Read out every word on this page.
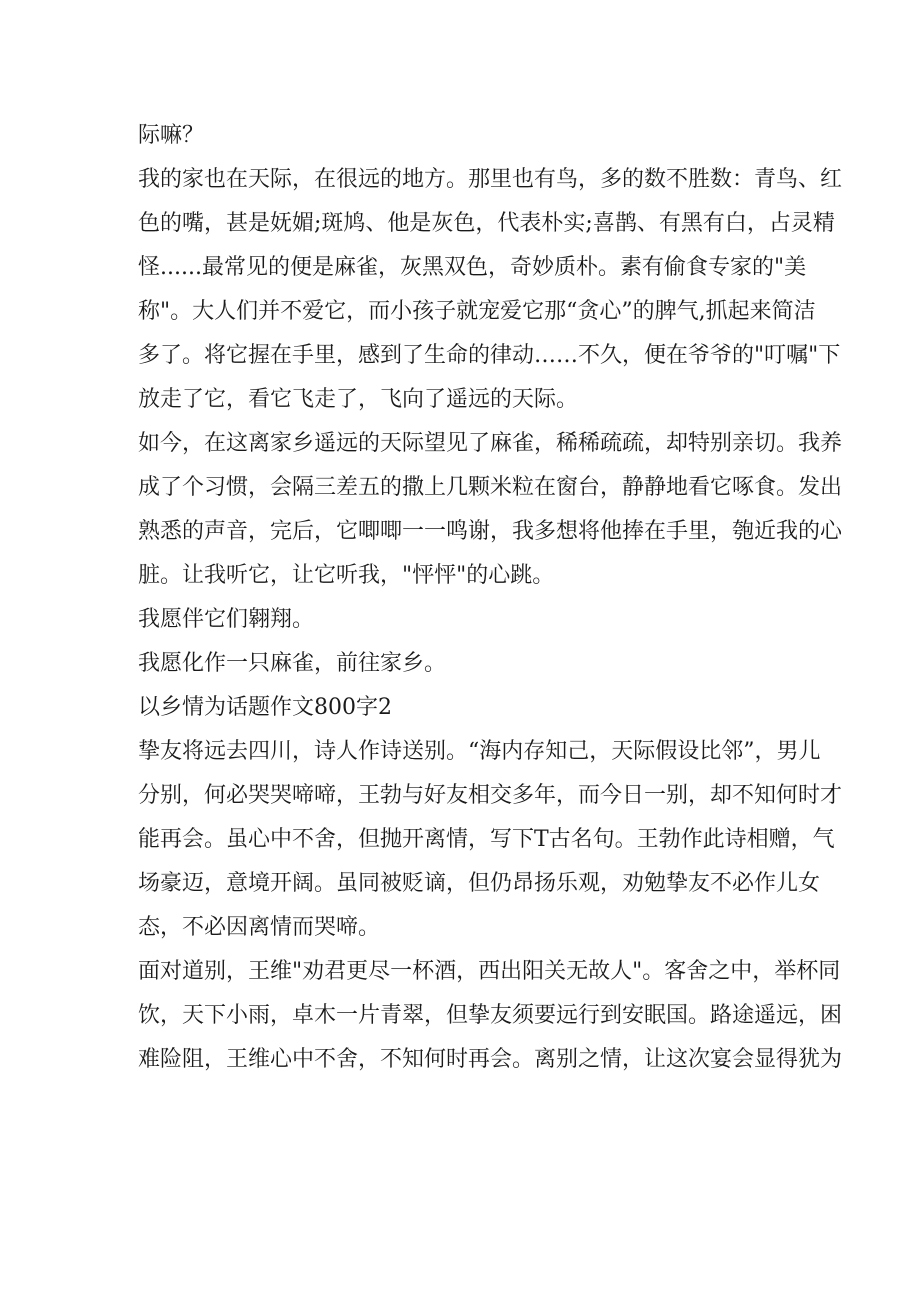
际嘛？
我的家也在天际，在很远的地方。那里也有鸟，多的数不胜数：青鸟、红
色的嘴，甚是妩媚;斑鸠、他是灰色，代表朴实;喜鹊、有黑有白，占灵精
怪......最常见的便是麻雀，灰黑双色，奇妙质朴。素有偷食专家的"美
称"。大人们并不爱它，而小孩子就宠爱它那“贪心”的脾气,抓起来简洁
多了。将它握在手里，感到了生命的律动……不久，便在爷爷的"叮嘱"下
放走了它，看它飞走了，飞向了遥远的天际。
如今，在这离家乡遥远的天际望见了麻雀，稀稀疏疏，却特别亲切。我养
成了个习惯，会隔三差五的撒上几颗米粒在窗台，静静地看它啄食。发出
熟悉的声音，完后，它唧唧一一鸣谢，我多想将他捧在手里，匏近我的心
脏。让我听它，让它听我，"怦怦"的心跳。
我愿伴它们翱翔。
我愿化作一只麻雀，前往家乡。
以乡情为话题作文800字2
挚友将远去四川，诗人作诗送别。“海内存知己，天际假设比邻”，男儿
分别，何必哭哭啼啼，王勃与好友相交多年，而今日一别，却不知何时才
能再会。虽心中不舍，但抛开离情，写下T古名句。王勃作此诗相赠，气
场豪迈，意境开阔。虽同被贬谪，但仍昂扬乐观，劝勉挚友不必作儿女
态，不必因离情而哭啼。
面对道别，王维"劝君更尽一杯酒，西出阳关无故人"。客舍之中，举杯同
饮，天下小雨，卓木一片青翠，但挚友须要远行到安眠国。路途遥远，困
难险阻，王维心中不舍，不知何时再会。离别之情，让这次宴会显得犹为
